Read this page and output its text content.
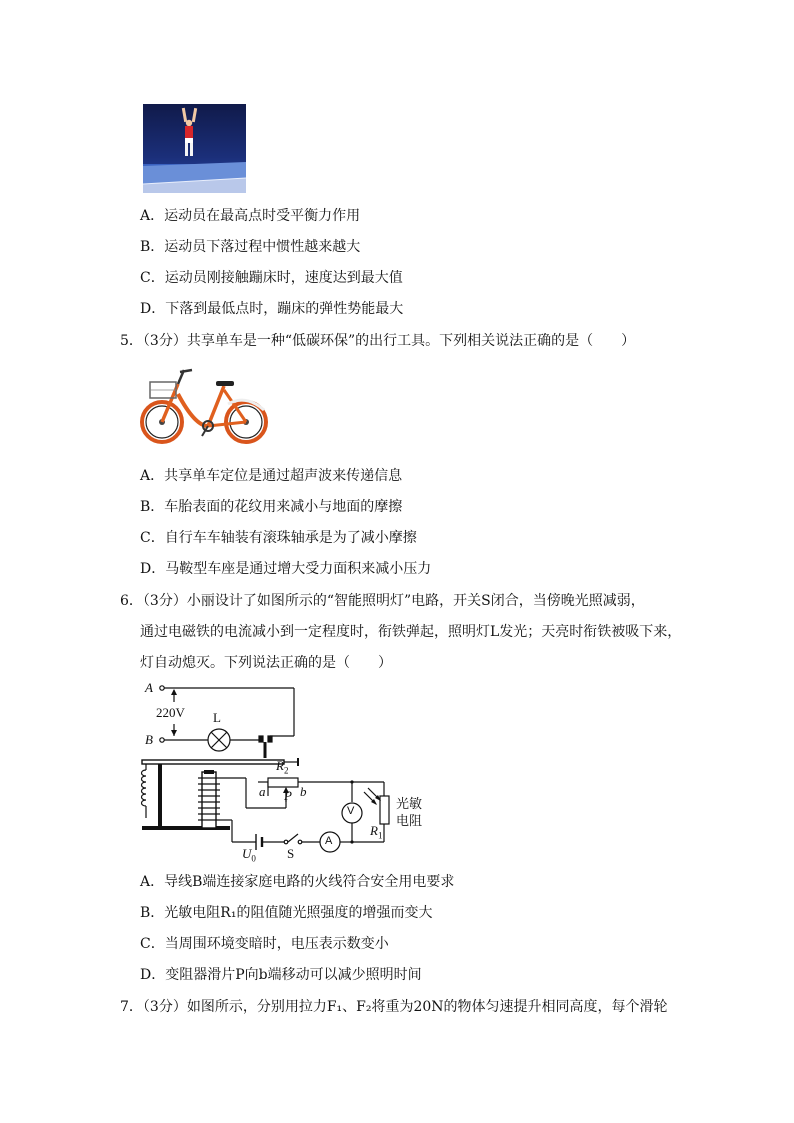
A．运动员在最高点时受平衡力作用
B．运动员下落过程中惯性越来越大
C．运动员刚接触蹦床时，速度达到最大值
D．下落到最低点时，蹦床的弹性势能最大
5．（3分）共享单车是一种“低碳环保”的出行工具。下列相关说法正确的是（　　）
A．共享单车定位是通过超声波来传递信息
B．车胎表面的花纹用来减小与地面的摩擦
C．自行车车轴装有滚珠轴承是为了减小摩擦
D．马鞍型车座是通过增大受力面积来减小压力
6．（3分）小丽设计了如图所示的“智能照明灯”电路，开关S闭合，当傍晚光照减弱，
通过电磁铁的电流减小到一定程度时，衔铁弹起，照明灯L发光；天亮时衔铁被吸下来，
灯自动熄灭。下列说法正确的是（　　）
A
B
220V L
$R_2$
a P b
V
A
光敏
电阻
$R_1$
$U_0$ S
A．导线B端连接家庭电路的火线符合安全用电要求
B．光敏电阻R₁的阻值随光照强度的增强而变大
C．当周围环境变暗时，电压表示数变小
D．变阻器滑片P向b端移动可以减少照明时间
7．（3分）如图所示，分别用拉力F₁、F₂将重为20N的物体匀速提升相同高度，每个滑轮
